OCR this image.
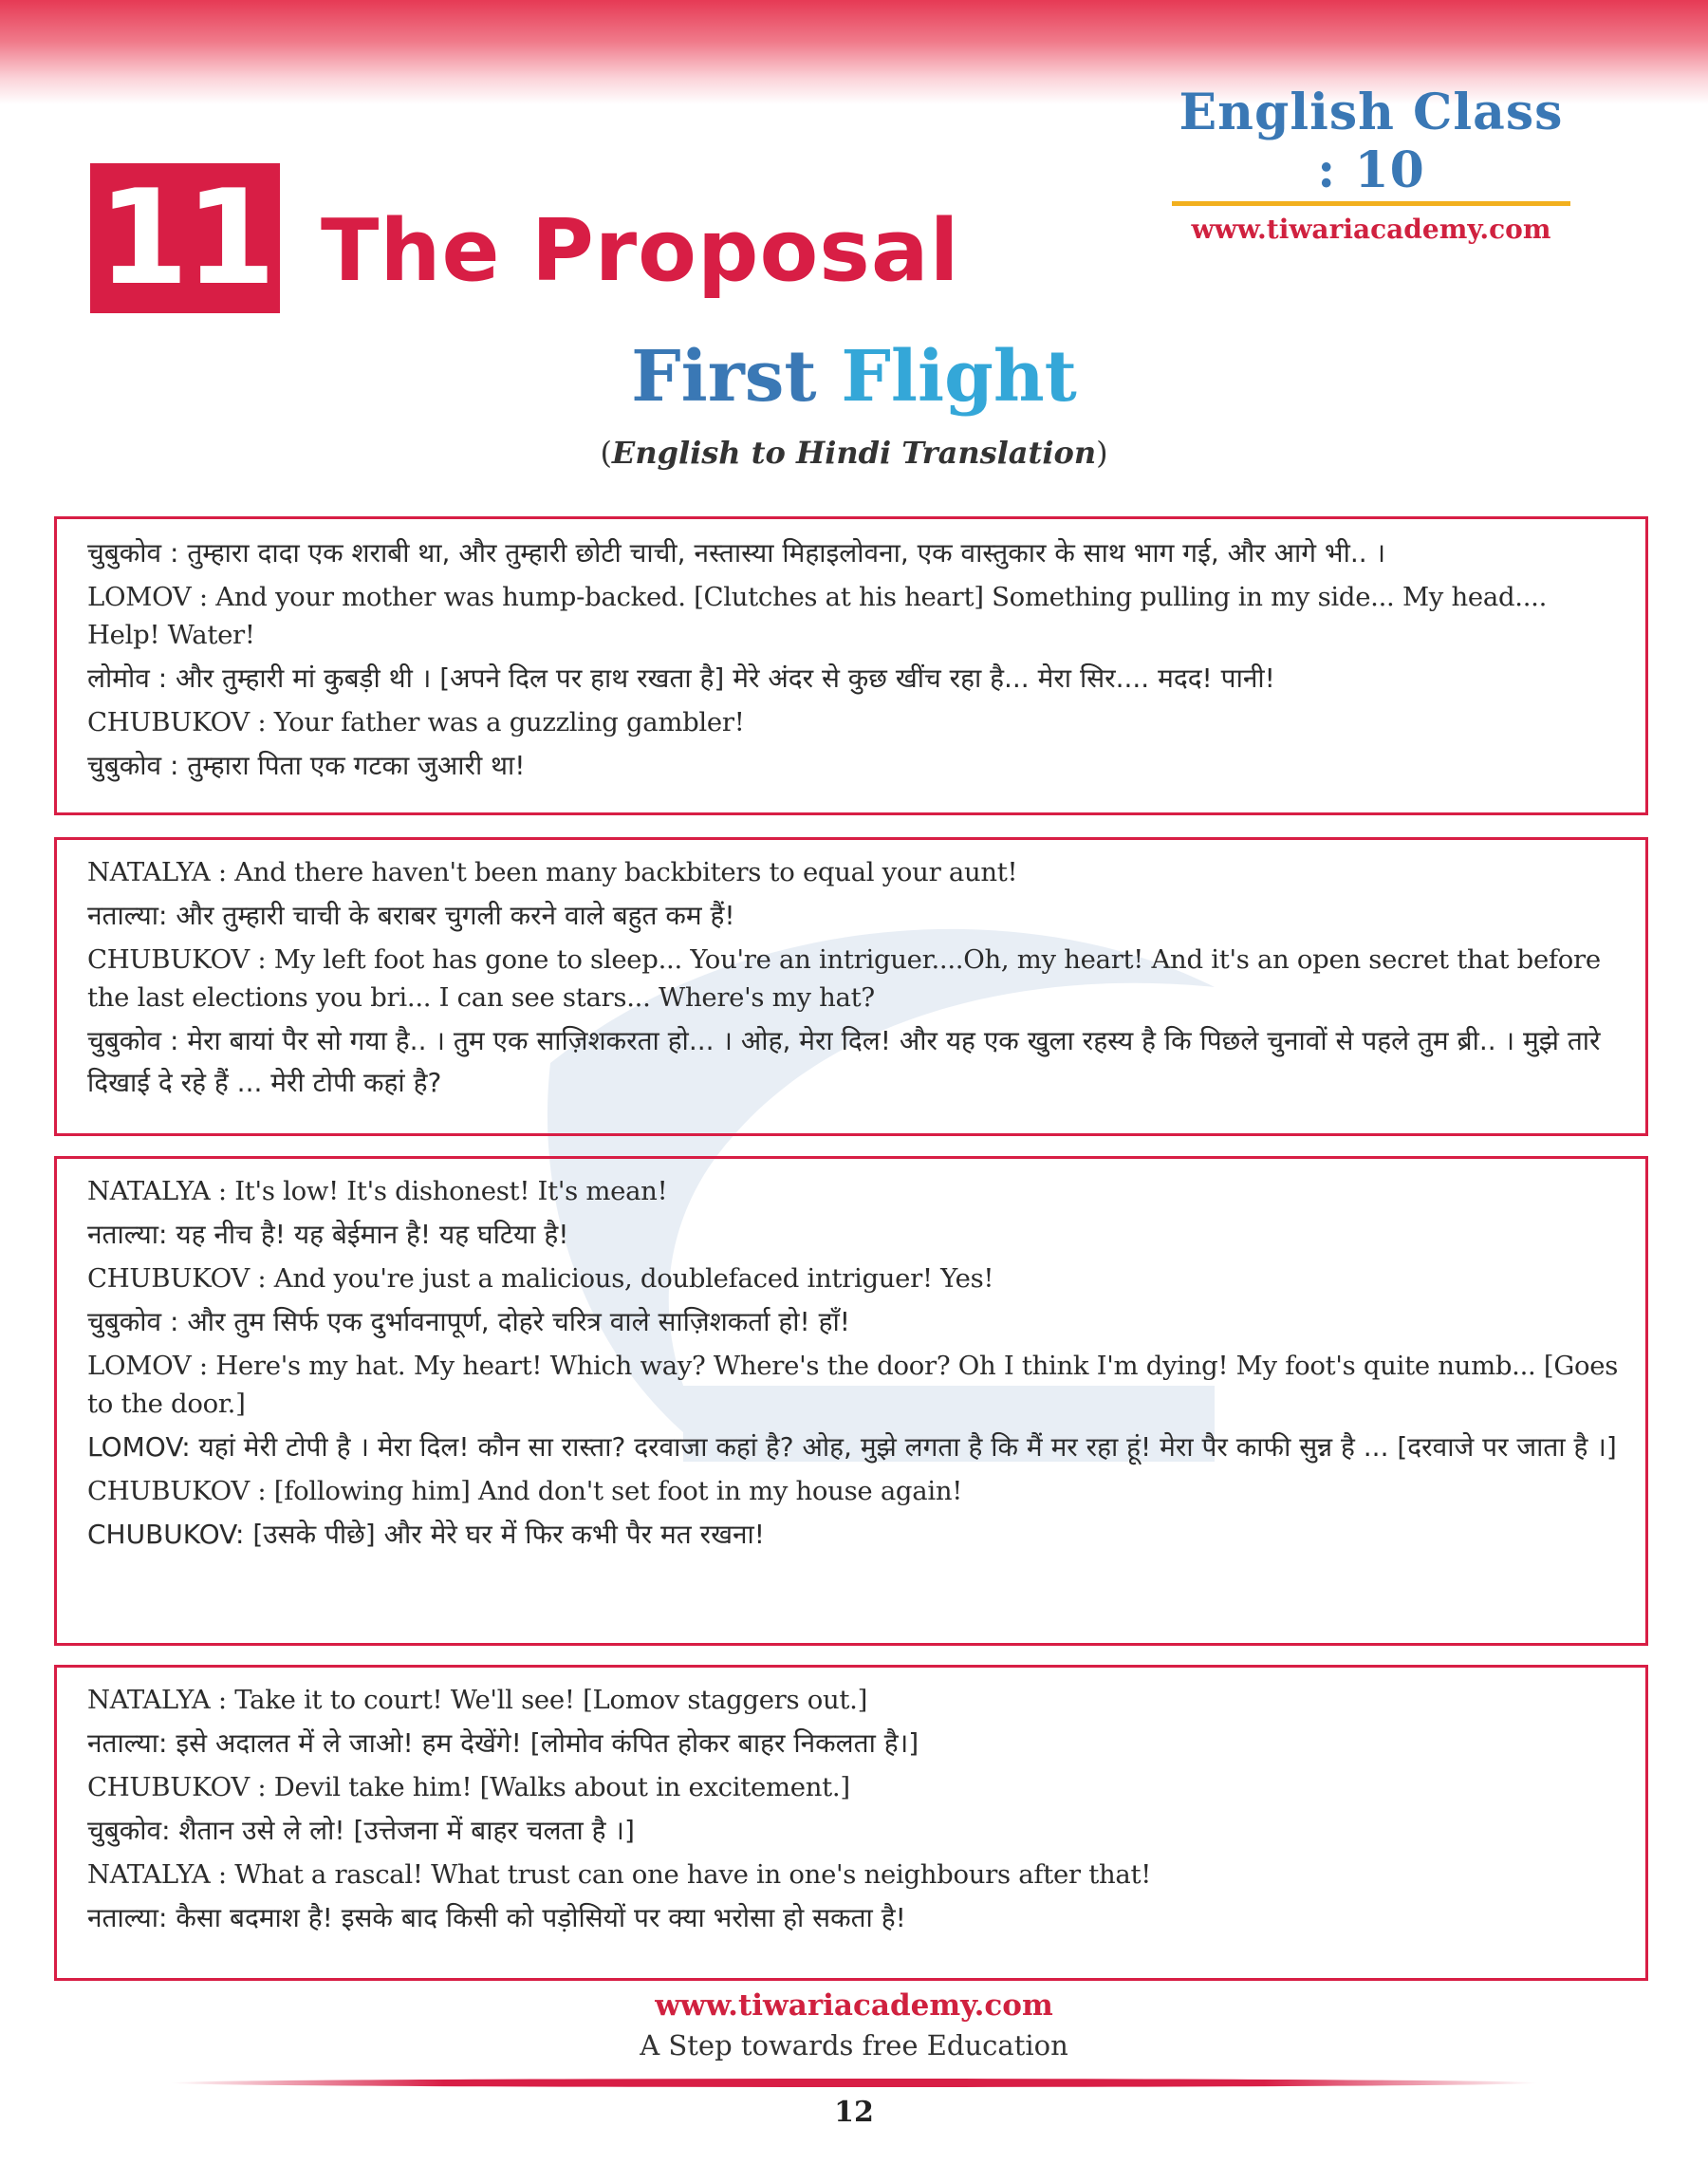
English Class : 10
www.tiwariacademy.com
11 The Proposal
First Flight
(English to Hindi Translation)
चुबुकोव : तुम्हारा दादा एक शराबी था, और तुम्हारी छोटी चाची, नस्तास्या मिहाइलोवना, एक वास्तुकार के साथ भाग गई, और आगे भी.. ।
LOMOV : And your mother was hump-backed. [Clutches at his heart] Something pulling in my side... My head.... Help! Water!
लोमोव : और तुम्हारी मां कुबड़ी थी । [अपने दिल पर हाथ रखता है] मेरे अंदर से कुछ खींच रहा है... मेरा सिर.... मदद! पानी!
CHUBUKOV : Your father was a guzzling gambler!
चुबुकोव : तुम्हारा पिता एक गटका जुआरी था!
NATALYA : And there haven't been many backbiters to equal your aunt!
नताल्या: और तुम्हारी चाची के बराबर चुगली करने वाले बहुत कम हैं!
CHUBUKOV : My left foot has gone to sleep... You're an intriguer....Oh, my heart! And it's an open secret that before the last elections you bri... I can see stars... Where's my hat?
चुबुकोव : मेरा बायां पैर सो गया है.. । तुम एक साज़िशकरता हो... । ओह, मेरा दिल! और यह एक खुला रहस्य है कि पिछले चुनावों से पहले तुम ब्री.. । मुझे तारे दिखाई दे रहे हैं ... मेरी टोपी कहां है?
NATALYA : It's low! It's dishonest! It's mean!
नताल्या: यह नीच है! यह बेईमान है! यह घटिया है!
CHUBUKOV : And you're just a malicious, doublefaced intriguer! Yes!
चुबुकोव : और तुम सिर्फ एक दुर्भावनापूर्ण, दोहरे चरित्र वाले साज़िशकर्ता हो! हाँ!
LOMOV : Here's my hat. My heart! Which way? Where's the door? Oh I think I'm dying! My foot's quite numb... [Goes to the door.]
LOMOV: यहां मेरी टोपी है । मेरा दिल! कौन सा रास्ता? दरवाजा कहां है? ओह, मुझे लगता है कि मैं मर रहा हूं! मेरा पैर काफी सुन्न है ... [दरवाजे पर जाता है ।]
CHUBUKOV : [following him] And don't set foot in my house again!
CHUBUKOV: [उसके पीछे] और मेरे घर में फिर कभी पैर मत रखना!
NATALYA : Take it to court! We'll see! [Lomov staggers out.]
नताल्या: इसे अदालत में ले जाओ! हम देखेंगे! [लोमोव कंपित होकर बाहर निकलता है।]
CHUBUKOV : Devil take him! [Walks about in excitement.]
चुबुकोव: शैतान उसे ले लो! [उत्तेजना में बाहर चलता है ।]
NATALYA : What a rascal! What trust can one have in one's neighbours after that!
नताल्या: कैसा बदमाश है! इसके बाद किसी को पड़ोसियों पर क्या भरोसा हो सकता है!
www.tiwariacademy.com
A Step towards free Education
12
